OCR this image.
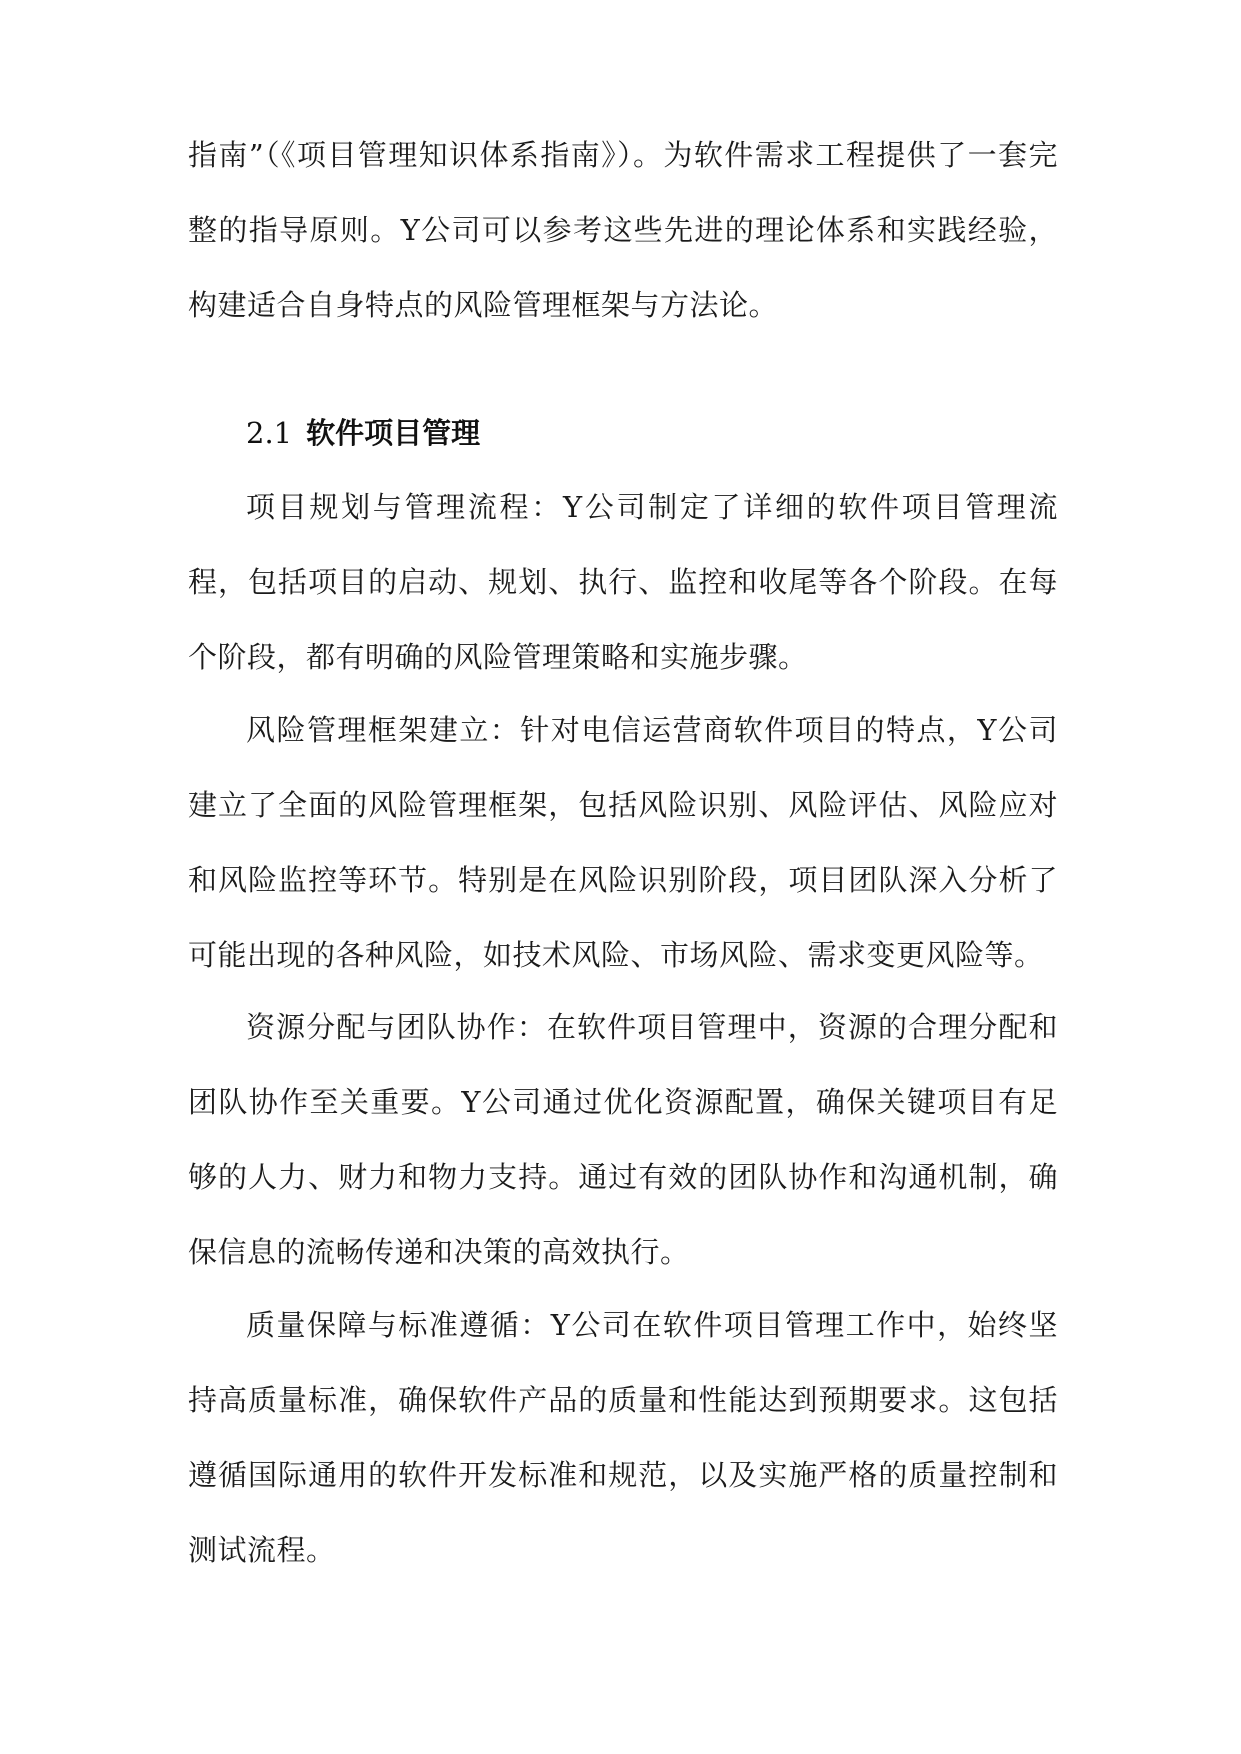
指南”（《项目管理知识体系指南》）。为软件需求工程提供了一套完整的指导原则。Y公司可以参考这些先进的理论体系和实践经验，构建适合自身特点的风险管理框架与方法论。

2.1 软件项目管理

项目规划与管理流程：Y公司制定了详细的软件项目管理流程，包括项目的启动、规划、执行、监控和收尾等各个阶段。在每个阶段，都有明确的风险管理策略和实施步骤。

风险管理框架建立：针对电信运营商软件项目的特点，Y公司建立了全面的风险管理框架，包括风险识别、风险评估、风险应对和风险监控等环节。特别是在风险识别阶段，项目团队深入分析了可能出现的各种风险，如技术风险、市场风险、需求变更风险等。

资源分配与团队协作：在软件项目管理中，资源的合理分配和团队协作至关重要。Y公司通过优化资源配置，确保关键项目有足够的人力、财力和物力支持。通过有效的团队协作和沟通机制，确保信息的流畅传递和决策的高效执行。

质量保障与标准遵循：Y公司在软件项目管理工作中，始终坚持高质量标准，确保软件产品的质量和性能达到预期要求。这包括遵循国际通用的软件开发标准和规范，以及实施严格的质量控制和测试流程。
